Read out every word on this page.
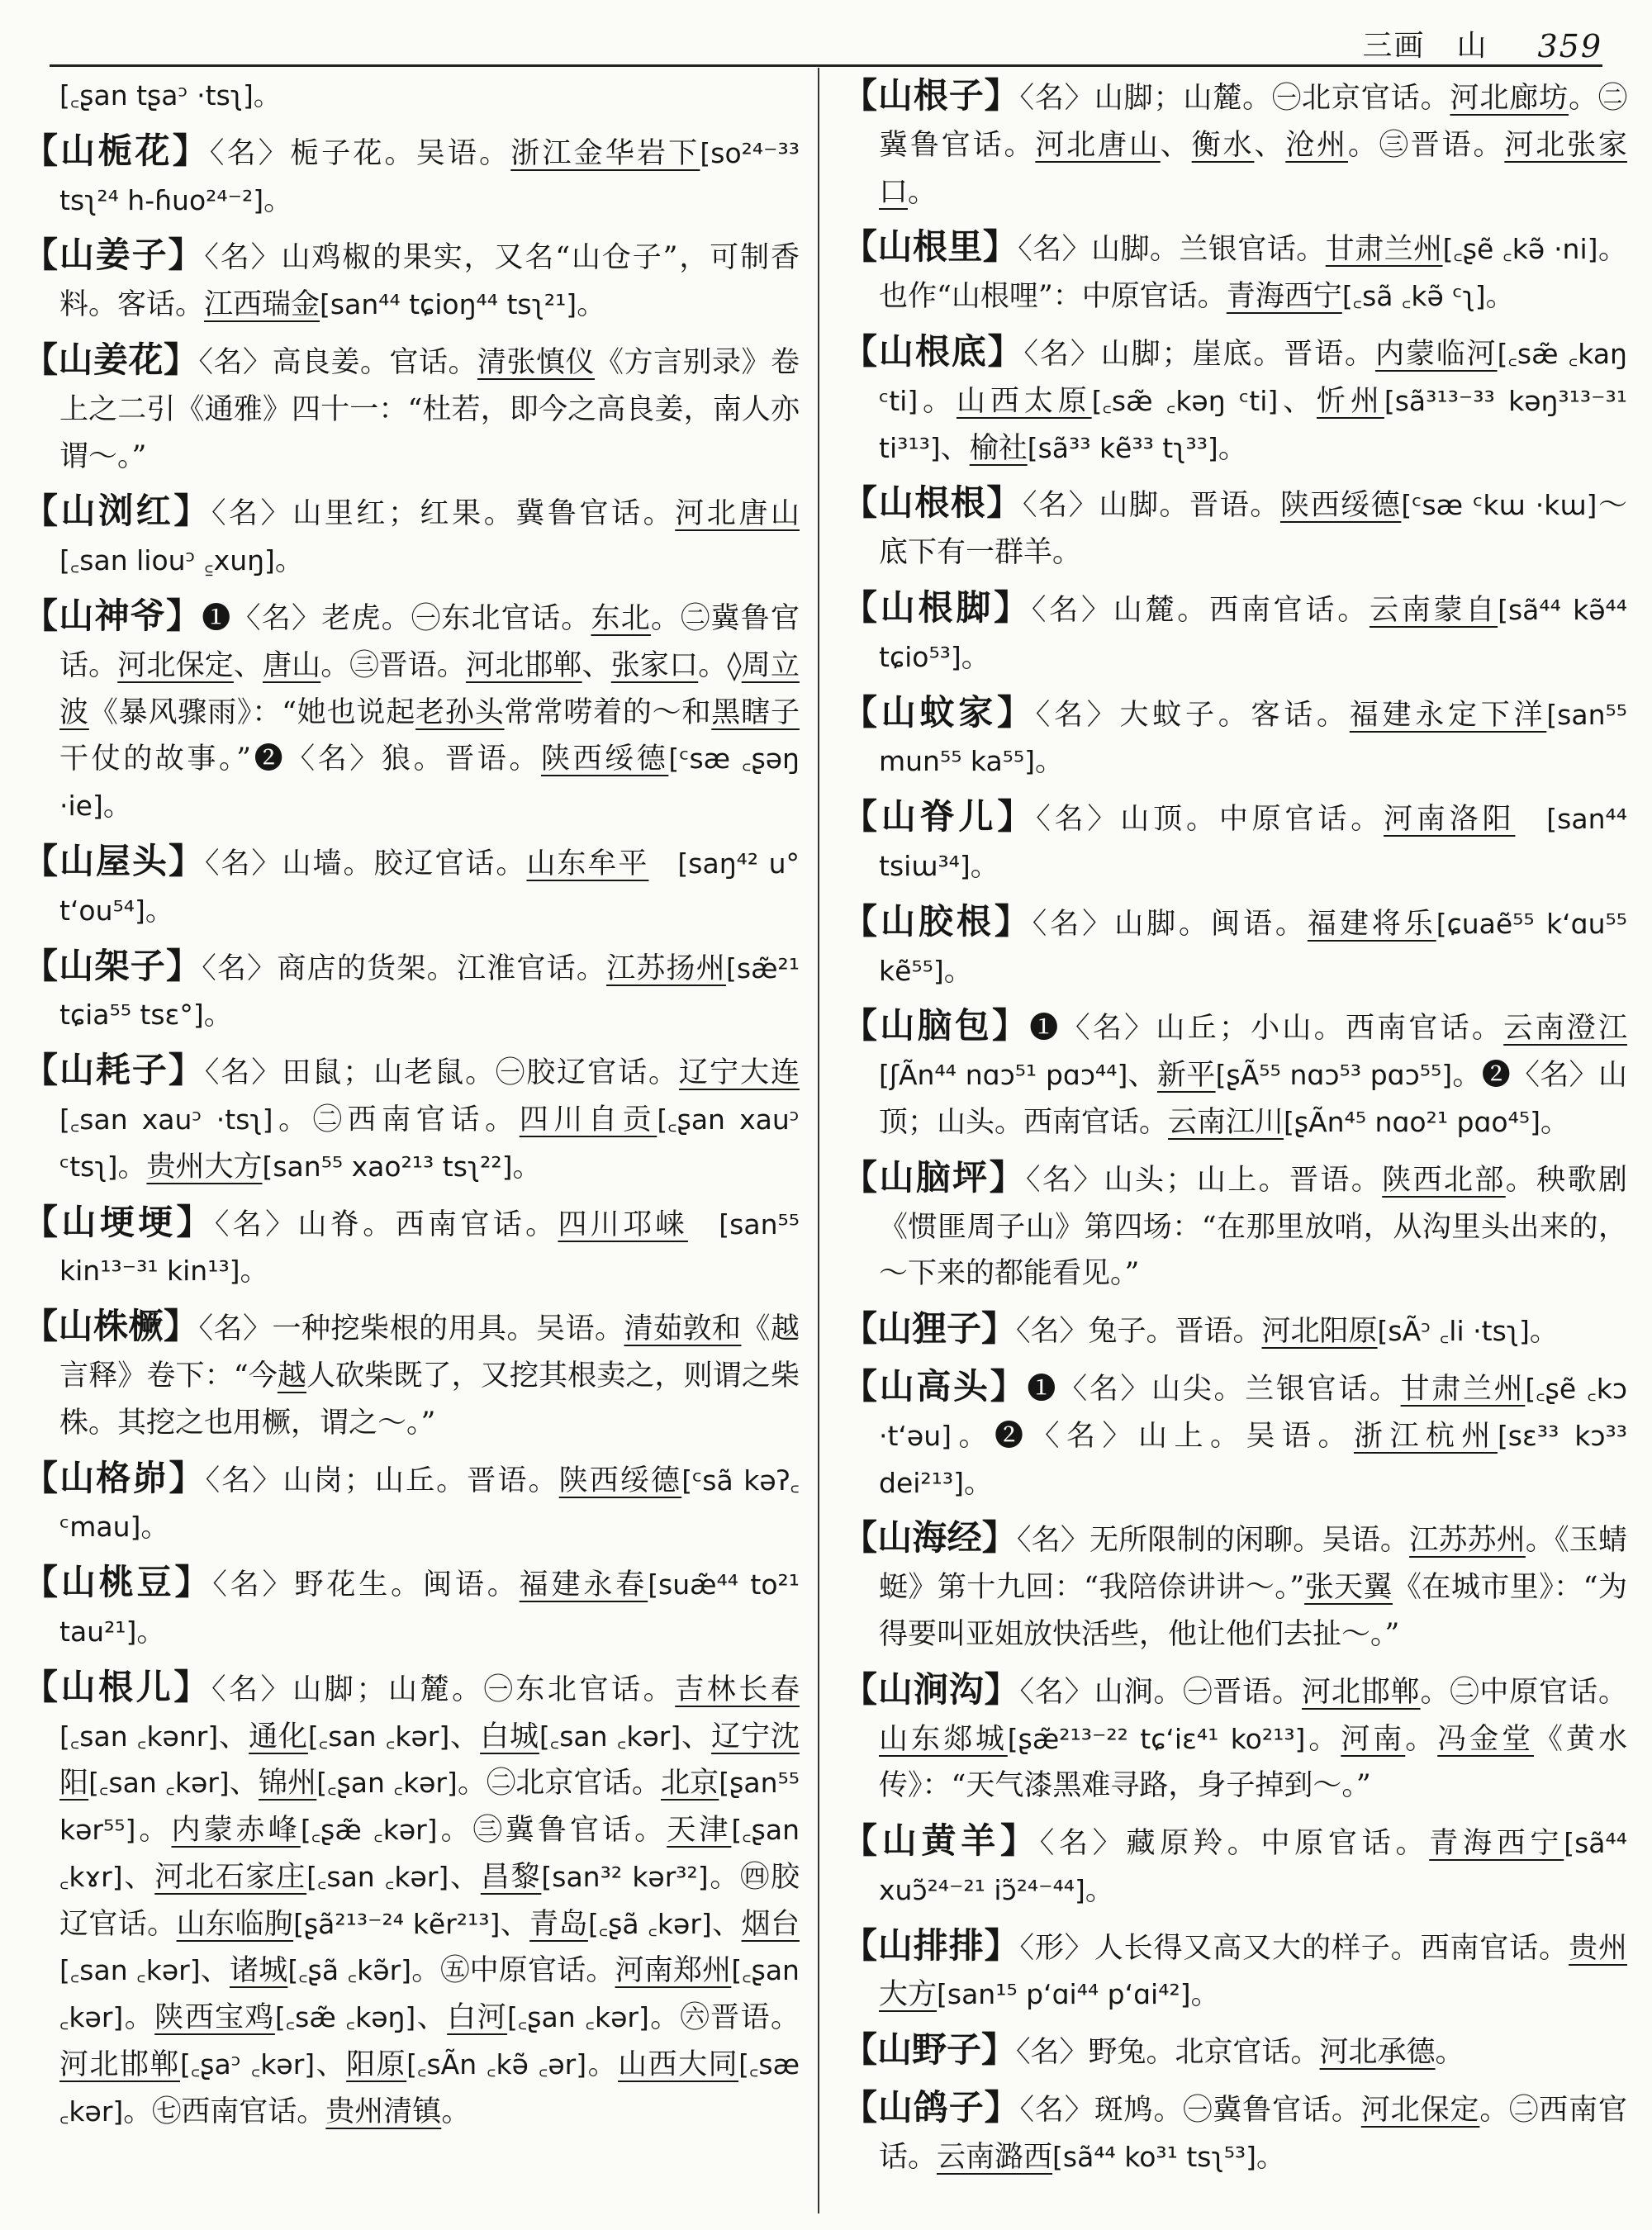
三画　山 359

[꜀ʂan tʂaᵓ ·tsʅ]。

【山栀花】〈名〉栀子花。吴语。浙江金华岩下[so²⁴⁻³³ tsʅ²⁴ h-ɦuo²⁴⁻²]。

【山姜子】〈名〉山鸡椒的果实，又名“山仓子”，可制香料。客话。江西瑞金[san⁴⁴ tɕioŋ⁴⁴ tsʅ²¹]。

【山姜花】〈名〉高良姜。官话。清张慎仪《方言别录》卷上之二引《通雅》四十一：“杜若，即今之高良姜，南人亦谓～。”

【山浏红】〈名〉山里红；红果。冀鲁官话。河北唐山[꜀san liouᵓ ꜁xuŋ]。

【山神爷】❶〈名〉老虎。㊀东北官话。东北。㊁冀鲁官话。河北保定、唐山。㊂晋语。河北邯郸、张家口。◊周立波《暴风骤雨》：“她也说起老孙头常常唠着的～和黑瞎子干仗的故事。”❷〈名〉狼。晋语。陕西绥德[ᶜsæ ꜀ʂəŋ ·ie]。

【山屋头】〈名〉山墙。胶辽官话。山东牟平　[saŋ⁴² u° t‘ou⁵⁴]。

【山架子】〈名〉商店的货架。江淮官话。江苏扬州[sæ̃²¹ tɕia⁵⁵ tsɛ°]。

【山耗子】〈名〉田鼠；山老鼠。㊀胶辽官话。辽宁大连[꜀san xauᵓ ·tsʅ]。㊁西南官话。四川自贡[꜀ʂan xauᵓ ᶜtsʅ]。贵州大方[san⁵⁵ xao²¹³ tsʅ²²]。

【山埂埂】〈名〉山脊。西南官话。四川邛崃　[san⁵⁵ kin¹³⁻³¹ kin¹³]。

【山株橛】〈名〉一种挖柴根的用具。吴语。清茹敦和《越言释》卷下：“今越人砍柴既了，又挖其根卖之，则谓之柴株。其挖之也用橛，谓之～。”

【山格峁】〈名〉山岗；山丘。晋语。陕西绥德[ᶜsã kəʔ꜀ ᶜmau]。

【山桃豆】〈名〉野花生。闽语。福建永春[suæ̃⁴⁴ to²¹ tau²¹]。

【山根儿】〈名〉山脚；山麓。㊀东北官话。吉林长春[꜀san ꜀kənr]、通化[꜀san ꜀kər]、白城[꜀san ꜀kər]、辽宁沈阳[꜀san ꜀kər]、锦州[꜀ʂan ꜀kər]。㊁北京官话。北京[ʂan⁵⁵ kər⁵⁵]。内蒙赤峰[꜀ʂæ̃ ꜀kər]。㊂冀鲁官话。天津[꜀ʂan ꜀kɤr]、河北石家庄[꜀san ꜀kər]、昌黎[san³² kər³²]。㊃胶辽官话。山东临朐[ʂã²¹³⁻²⁴ kẽr²¹³]、青岛[꜀ʂã ꜀kər]、烟台[꜀san ꜀kər]、诸城[꜀ʂã ꜀kə̃r]。㊄中原官话。河南郑州[꜀ʂan ꜀kər]。陕西宝鸡[꜀sæ̃ ꜀kəŋ]、白河[꜀ʂan ꜀kər]。㊅晋语。河北邯郸[꜀ʂaᵓ ꜀kər]、阳原[꜀sÃn ꜀kə̃ ꜀ər]。山西大同[꜀sæ ꜀kər]。㊆西南官话。贵州清镇。

【山根子】〈名〉山脚；山麓。㊀北京官话。河北廊坊。㊁冀鲁官话。河北唐山、衡水、沧州。㊂晋语。河北张家口。

【山根里】〈名〉山脚。兰银官话。甘肃兰州[꜀ʂẽ ꜀kə̃ ·ni]。也作“山根哩”：中原官话。青海西宁[꜀sã ꜀kə̃ ᶜʅ]。

【山根底】〈名〉山脚；崖底。晋语。内蒙临河[꜀sæ̃ ꜀kaŋ ᶜti]。山西太原[꜀sæ̃ ꜀kəŋ ᶜti]、忻州[sã³¹³⁻³³ kəŋ³¹³⁻³¹ ti³¹³]、榆社[sã³³ kẽ³³ tʅ³³]。

【山根根】〈名〉山脚。晋语。陕西绥德[ᶜsæ ᶜkɯ ·kɯ]～底下有一群羊。

【山根脚】〈名〉山麓。西南官话。云南蒙自[sã⁴⁴ kə̃⁴⁴ tɕio⁵³]。

【山蚊家】〈名〉大蚊子。客话。福建永定下洋[san⁵⁵ mun⁵⁵ ka⁵⁵]。

【山脊儿】〈名〉山顶。中原官话。河南洛阳　[san⁴⁴ tsiɯ³⁴]。

【山胶根】〈名〉山脚。闽语。福建将乐[ɕuaẽ⁵⁵ k‘ɑu⁵⁵ kẽ⁵⁵]。

【山脑包】❶〈名〉山丘；小山。西南官话。云南澄江[ʃÃn⁴⁴ nɑɔ⁵¹ pɑɔ⁴⁴]、新平[ʂÃ⁵⁵ nɑɔ⁵³ pɑɔ⁵⁵]。❷〈名〉山顶；山头。西南官话。云南江川[ʂÃn⁴⁵ nɑo²¹ pɑo⁴⁵]。

【山脑坪】〈名〉山头；山上。晋语。陕西北部。秧歌剧《惯匪周子山》第四场：“在那里放哨，从沟里头出来的，～下来的都能看见。”

【山狸子】〈名〉兔子。晋语。河北阳原[sÃᵓ ꜀li ·tsʅ]。

【山高头】❶〈名〉山尖。兰银官话。甘肃兰州[꜀ʂẽ ꜀kɔ ·t‘əu]。❷〈名〉山上。吴语。浙江杭州[sɛ³³ kɔ³³ dei²¹³]。

【山海经】〈名〉无所限制的闲聊。吴语。江苏苏州。《玉蜻蜓》第十九回：“我陪倷讲讲～。”张天翼《在城市里》：“为得要叫亚姐放快活些，他让他们去扯～。”

【山涧沟】〈名〉山涧。㊀晋语。河北邯郸。㊁中原官话。山东郯城[ʂæ̃²¹³⁻²² tɕ‘iɛ⁴¹ ko²¹³]。河南。冯金堂《黄水传》：“天气漆黑难寻路，身子掉到～。”

【山黄羊】〈名〉藏原羚。中原官话。青海西宁[sã⁴⁴ xuɔ̃²⁴⁻²¹ iɔ̃²⁴⁻⁴⁴]。

【山排排】〈形〉人长得又高又大的样子。西南官话。贵州大方[san¹⁵ p‘ɑi⁴⁴ p‘ɑi⁴²]。

【山野子】〈名〉野兔。北京官话。河北承德。

【山鸽子】〈名〉斑鸠。㊀冀鲁官话。河北保定。㊁西南官话。云南潞西[sã⁴⁴ ko³¹ tsʅ⁵³]。
